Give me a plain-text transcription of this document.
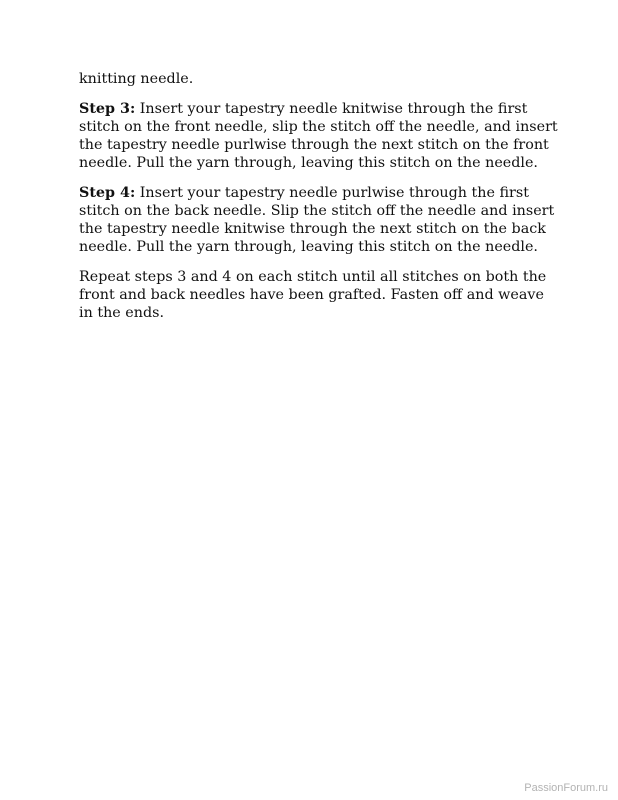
knitting needle.

Step 3: Insert your tapestry needle knitwise through the first stitch on the front needle, slip the stitch off the needle, and insert the tapestry needle purlwise through the next stitch on the front needle. Pull the yarn through, leaving this stitch on the needle.

Step 4: Insert your tapestry needle purlwise through the first stitch on the back needle. Slip the stitch off the needle and insert the tapestry needle knitwise through the next stitch on the back needle. Pull the yarn through, leaving this stitch on the needle.

Repeat steps 3 and 4 on each stitch until all stitches on both the front and back needles have been grafted. Fasten off and weave in the ends.

PassionForum.ru
